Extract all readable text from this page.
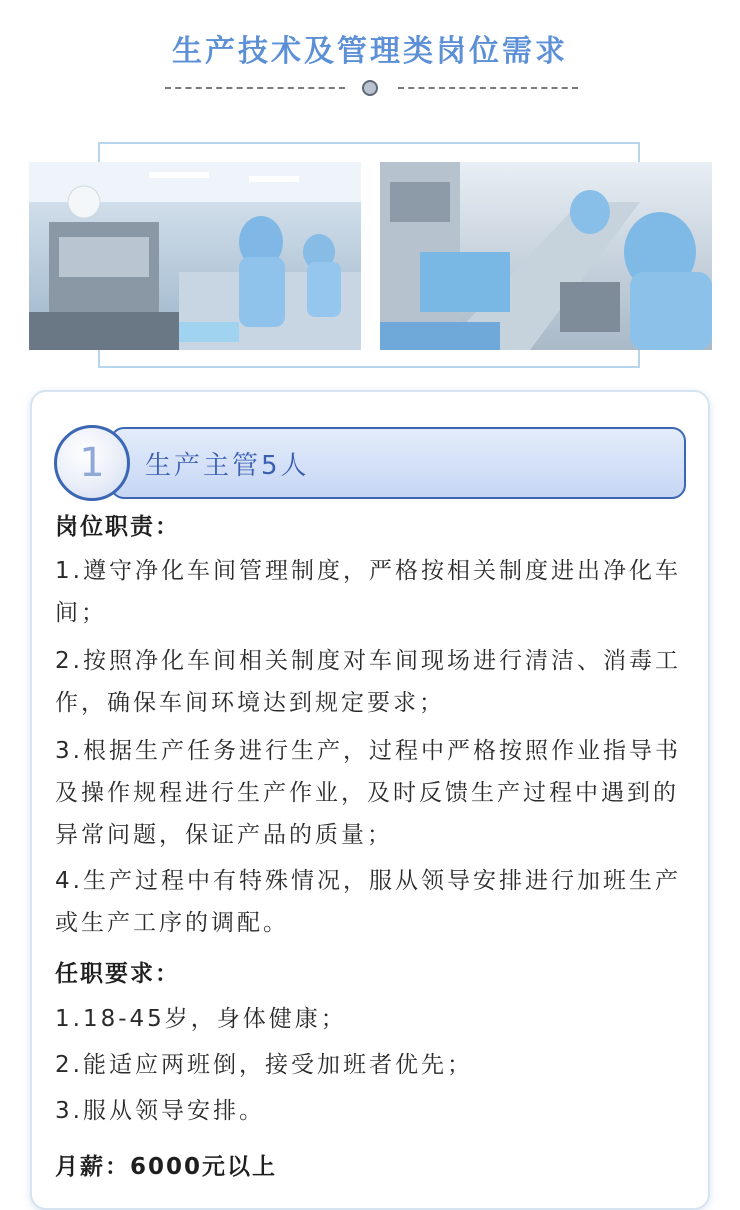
生产技术及管理类岗位需求
1	生产主管5人
岗位职责：
1.遵守净化车间管理制度，严格按相关制度进出净化车间；
2.按照净化车间相关制度对车间现场进行清洁、消毒工作，确保车间环境达到规定要求；
3.根据生产任务进行生产，过程中严格按照作业指导书及操作规程进行生产作业，及时反馈生产过程中遇到的异常问题，保证产品的质量；
4.生产过程中有特殊情况，服从领导安排进行加班生产或生产工序的调配。
任职要求：
1.18-45岁，身体健康；
2.能适应两班倒，接受加班者优先；
3.服从领导安排。
月薪：6000元以上
